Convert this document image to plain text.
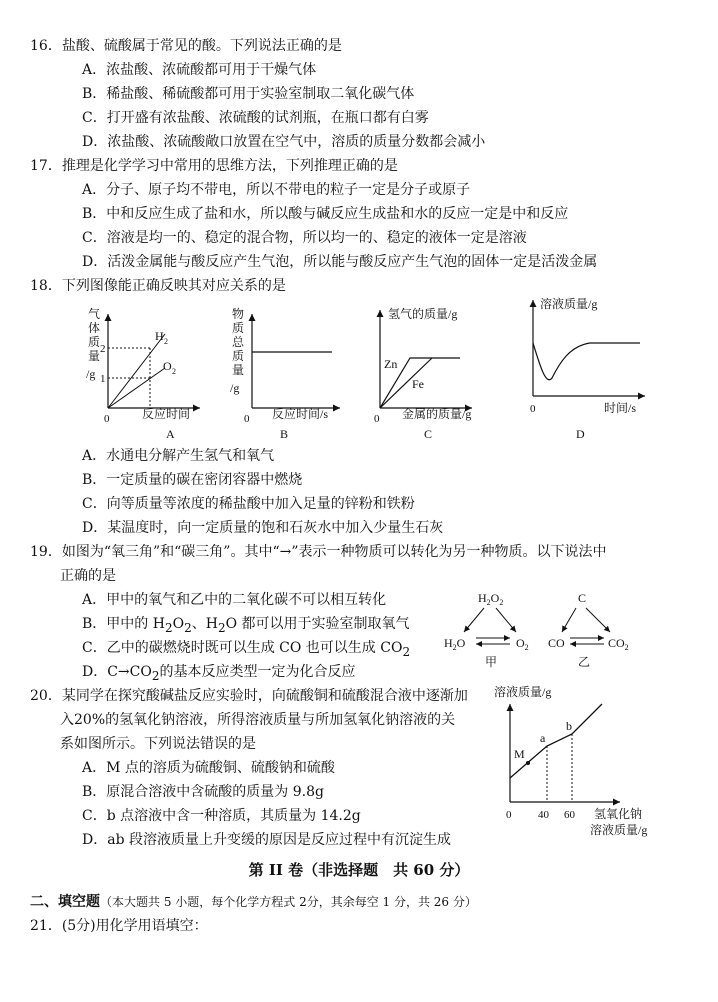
16．盐酸、硫酸属于常见的酸。下列说法正确的是
A．浓盐酸、浓硫酸都可用于干燥气体
B．稀盐酸、稀硫酸都可用于实验室制取二氧化碳气体
C．打开盛有浓盐酸、浓硫酸的试剂瓶，在瓶口都有白雾
D．浓盐酸、浓硫酸敞口放置在空气中，溶质的质量分数都会减小
17．推理是化学学习中常用的思维方法，下列推理正确的是
A．分子、原子均不带电，所以不带电的粒子一定是分子或原子
B．中和反应生成了盐和水，所以酸与碱反应生成盐和水的反应一定是中和反应
C．溶液是均一的、稳定的混合物，所以均一的、稳定的液体一定是溶液
D．活泼金属能与酸反应产生气泡，所以能与酸反应产生气泡的固体一定是活泼金属
18．下列图像能正确反映其对应关系的是
气
体
质
量
/g
2
1
0
H 2
O 2
反应时间
A
物
质
总
质
量
/g
0 反应时间/s
B
氢气的质量/g
Zn
Fe
0 金属的质量/g
C
溶液质量/g
0	时间/s
D
A．水通电分解产生氢气和氧气
B．一定质量的碳在密闭容器中燃烧
C．向等质量等浓度的稀盐酸中加入足量的锌粉和铁粉
D．某温度时，向一定质量的饱和石灰水中加入少量生石灰
19．如图为“氧三角”和“碳三角”。其中“→”表示一种物质可以转化为另一种物质。以下说法中
正确的是
A．甲中的氧气和乙中的二氧化碳不可以相互转化
B．甲中的 $H_2O_2$、$H_2O$ 都可以用于实验室制取氧气
C．乙中的碳燃烧时既可以生成 CO 也可以生成 $CO_2$
D．$C\to CO_2$的基本反应类型一定为化合反应
$H_2O_2$
$H_2O$	$O_2$
甲
C
CO	$CO_2$
乙
20．某同学在探究酸碱盐反应实验时，向硫酸铜和硫酸混合液中逐渐加
入20%的氢氧化钠溶液，所得溶液质量与所加氢氧化钠溶液的关
系如图所示。下列说法错误的是
A．M 点的溶质为硫酸铜、硫酸钠和硫酸
B．原混合溶液中含硫酸的质量为 9.8g
C．b 点溶液中含一种溶质，其质量为 14.2g
D．ab 段溶液质量上升变缓的原因是反应过程中有沉淀生成
溶液质量/g
M
a
b
0 40 60 氢氧化钠
溶液质量/g
第 II 卷（非选择题　共 60 分）
二、填空题（本大题共 5 小题，每个化学方程式 2分，其余每空 1 分，共 26 分）
21．(5分)用化学用语填空：
